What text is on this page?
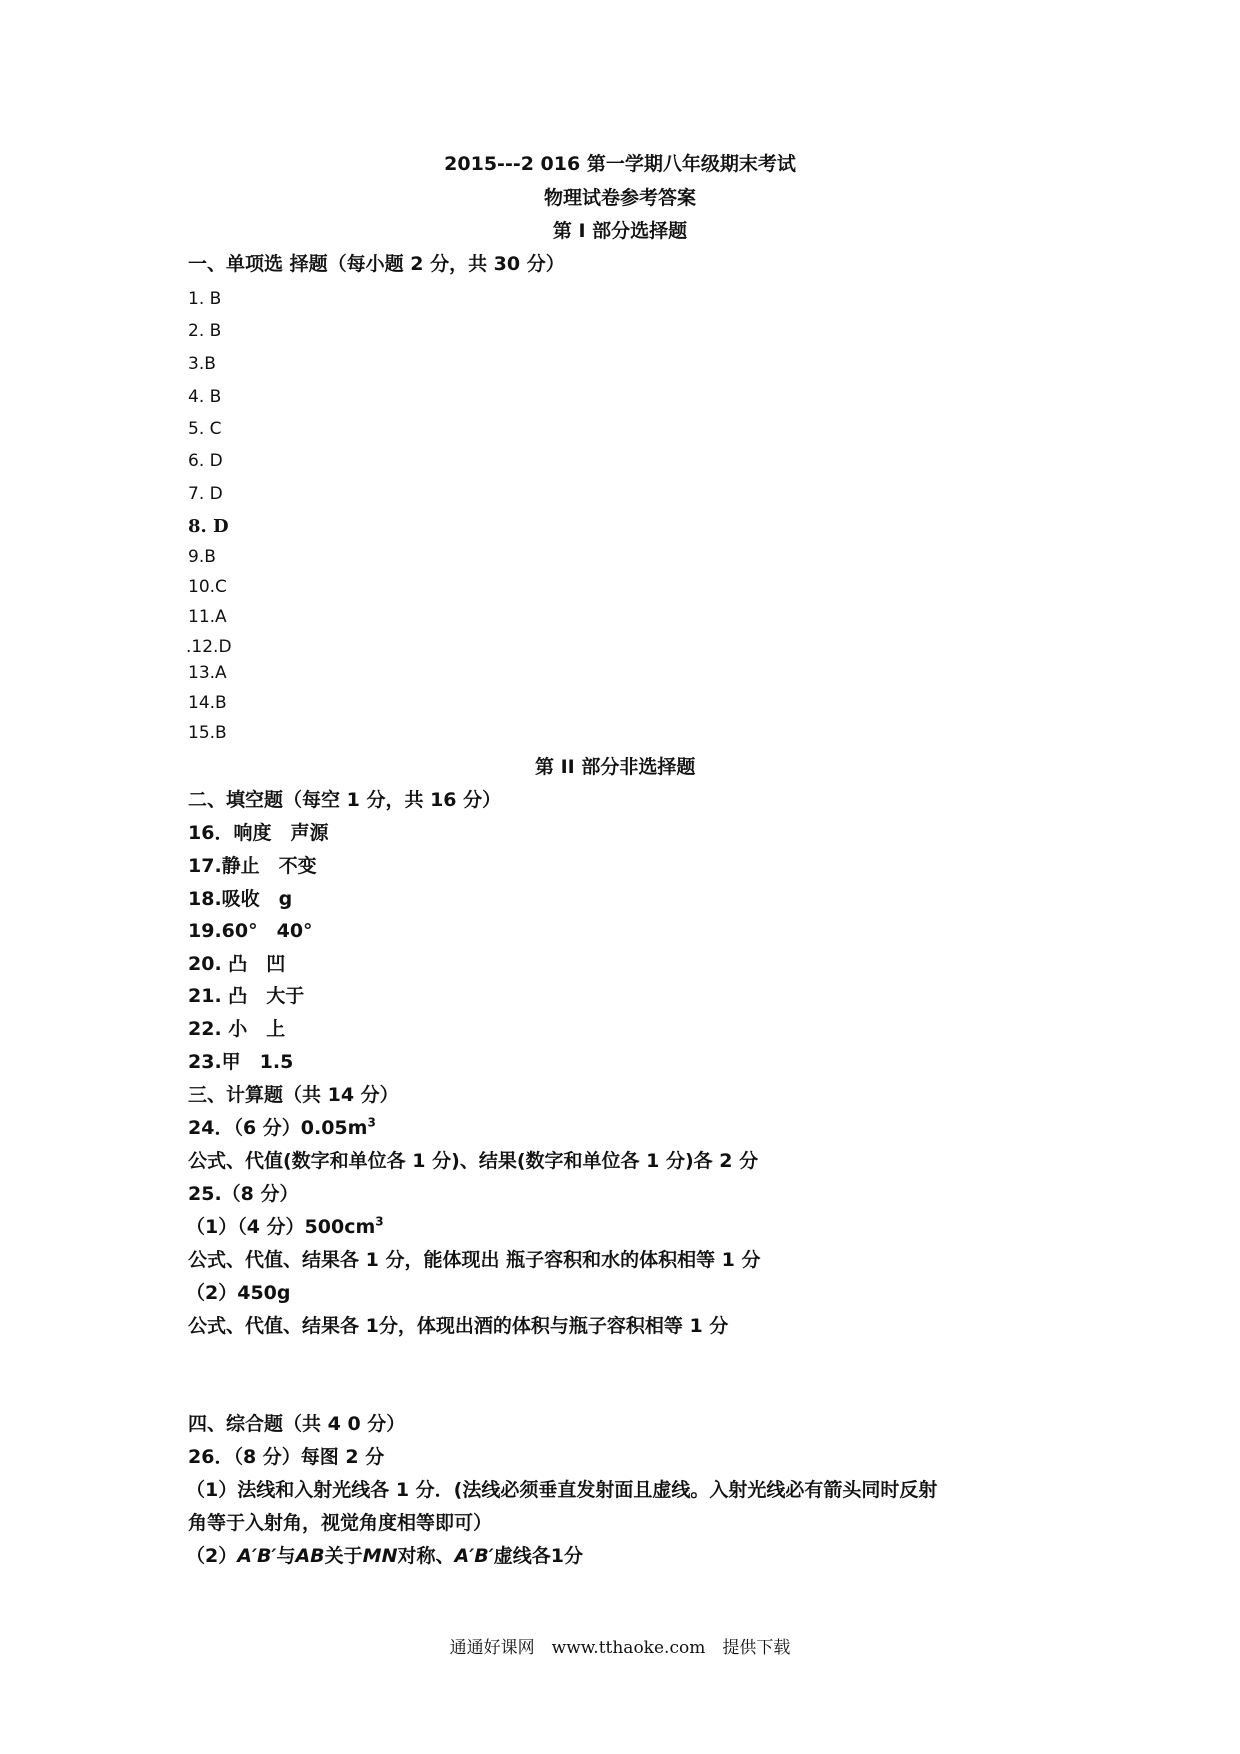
2015---2 016 第一学期八年级期末考试
物理试卷参考答案
第 I 部分选择题
一、单项选 择题（每小题 2 分，共 30 分）
1. B
2. B
3.B
4. B
5. C
6. D
7. D
8. D
9.B
10.C
11.A
.12.D
13.A
14.B
15.B
第 II 部分非选择题
二、填空题（每空 1 分，共 16 分）
16．响度　声源
17.静止　不变
18.吸收　g
19.60°　40°
20. 凸　凹
21. 凸　大于
22. 小　上
23.甲　1.5
三、计算题（共 14 分）
24．（6 分）$0.05m^3$
公式、代值(数字和单位各 1 分)、结果(数字和单位各 1 分)各 2 分
25.（8 分）
（1）（4 分）$500cm^3$
公式、代值、结果各 1 分，能体现出 瓶子容积和水的体积相等 1 分
（2）450g
公式、代值、结果各 1分，体现出酒的体积与瓶子容积相等 1 分
四、综合题（共 4 0 分）
26．（8 分）每图 2 分
（1）法线和入射光线各 1 分．(法线必须垂直发射面且虚线。入射光线必有箭头同时反射
角等于入射角，视觉角度相等即可）
（2）A′B′与AB关于MN对称、A′B′虚线各1分
通通好课网　www.tthaoke.com　提供下载
